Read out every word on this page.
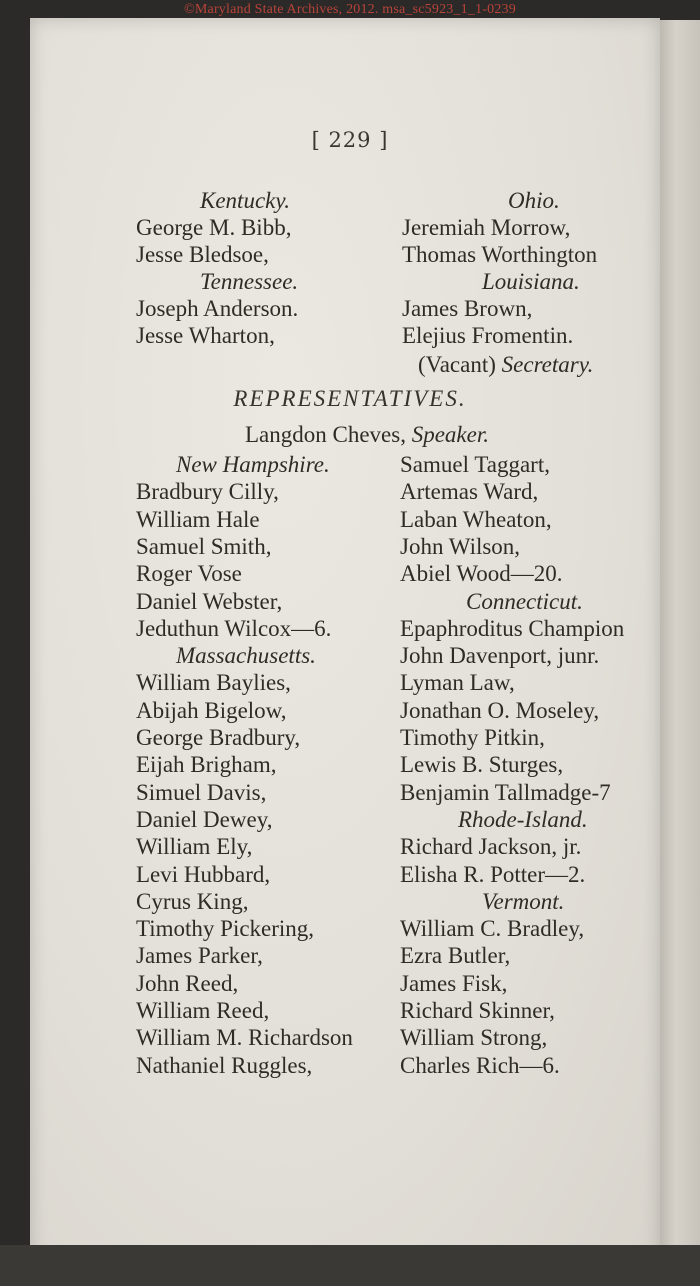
©Maryland State Archives, 2012. msa_sc5923_1_1-0239
[ 229 ]
Kentucky.
George M. Bibb,
Jesse Bledsoe,
Tennessee.
Joseph Anderson.
Jesse Wharton,
Ohio.
Jeremiah Morrow,
Thomas Worthington
Louisiana.
James Brown,
Elejius Fromentin.
(Vacant) Secretary.
REPRESENTATIVES.
Langdon Cheves, Speaker.
New Hampshire.
Bradbury Cilly,
William Hale
Samuel Smith,
Roger Vose
Daniel Webster,
Jeduthun Wilcox—6.
Massachusetts.
William Baylies,
Abijah Bigelow,
George Bradbury,
Eijah Brigham,
Simuel Davis,
Daniel Dewey,
William Ely,
Levi Hubbard,
Cyrus King,
Timothy Pickering,
James Parker,
John Reed,
William Reed,
William M. Richardson
Nathaniel Ruggles,
Samuel Taggart,
Artemas Ward,
Laban Wheaton,
John Wilson,
Abiel Wood—20.
Connecticut.
Epaphroditus Champion
John Davenport, junr.
Lyman Law,
Jonathan O. Moseley,
Timothy Pitkin,
Lewis B. Sturges,
Benjamin Tallmadge-7
Rhode-Island.
Richard Jackson, jr.
Elisha R. Potter—2.
Vermont.
William C. Bradley,
Ezra Butler,
James Fisk,
Richard Skinner,
William Strong,
Charles Rich—6.
